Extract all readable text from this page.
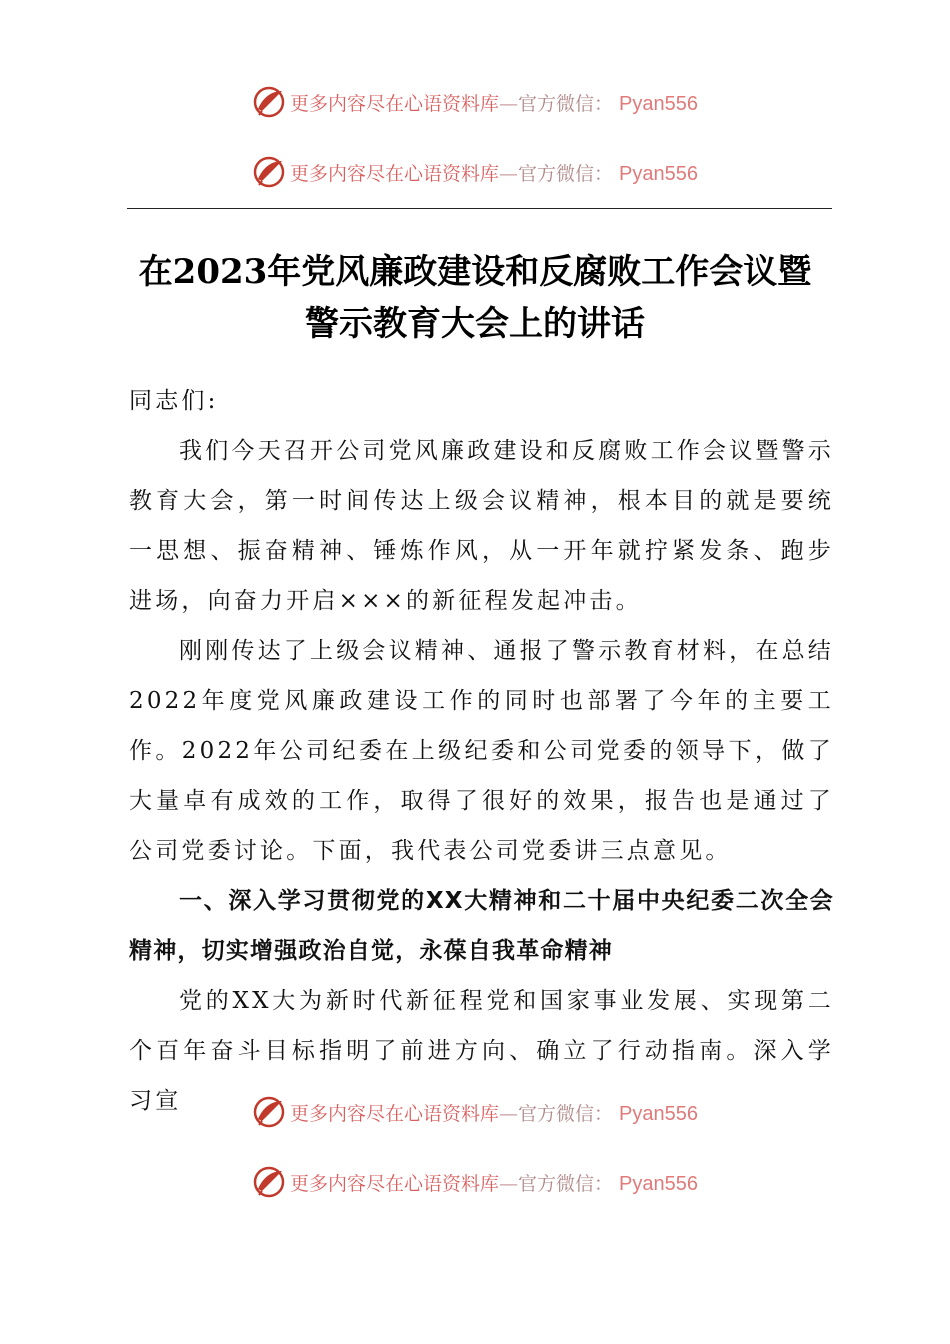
更多内容尽在心语资料库—官方微信： Pyan556
更多内容尽在心语资料库—官方微信： Pyan556
在2023年党风廉政建设和反腐败工作会议暨
警示教育大会上的讲话

同志们:

我们今天召开公司党风廉政建设和反腐败工作会议暨警示教育大会，第一时间传达上级会议精神，根本目的就是要统一思想、振奋精神、锤炼作风，从一开年就拧紧发条、跑步进场，向奋力开启×××的新征程发起冲击。

刚刚传达了上级会议精神、通报了警示教育材料，在总结2022年度党风廉政建设工作的同时也部署了今年的主要工作。2022年公司纪委在上级纪委和公司党委的领导下，做了大量卓有成效的工作，取得了很好的效果，报告也是通过了公司党委讨论。下面，我代表公司党委讲三点意见。

一、深入学习贯彻党的XX大精神和二十届中央纪委二次全会精神，切实增强政治自觉，永葆自我革命精神

党的XX大为新时代新征程党和国家事业发展、实现第二个百年奋斗目标指明了前进方向、确立了行动指南。深入学习宣	更多内容尽在心语资料库—官方微信： Pyan556
更多内容尽在心语资料库—官方微信： Pyan556
